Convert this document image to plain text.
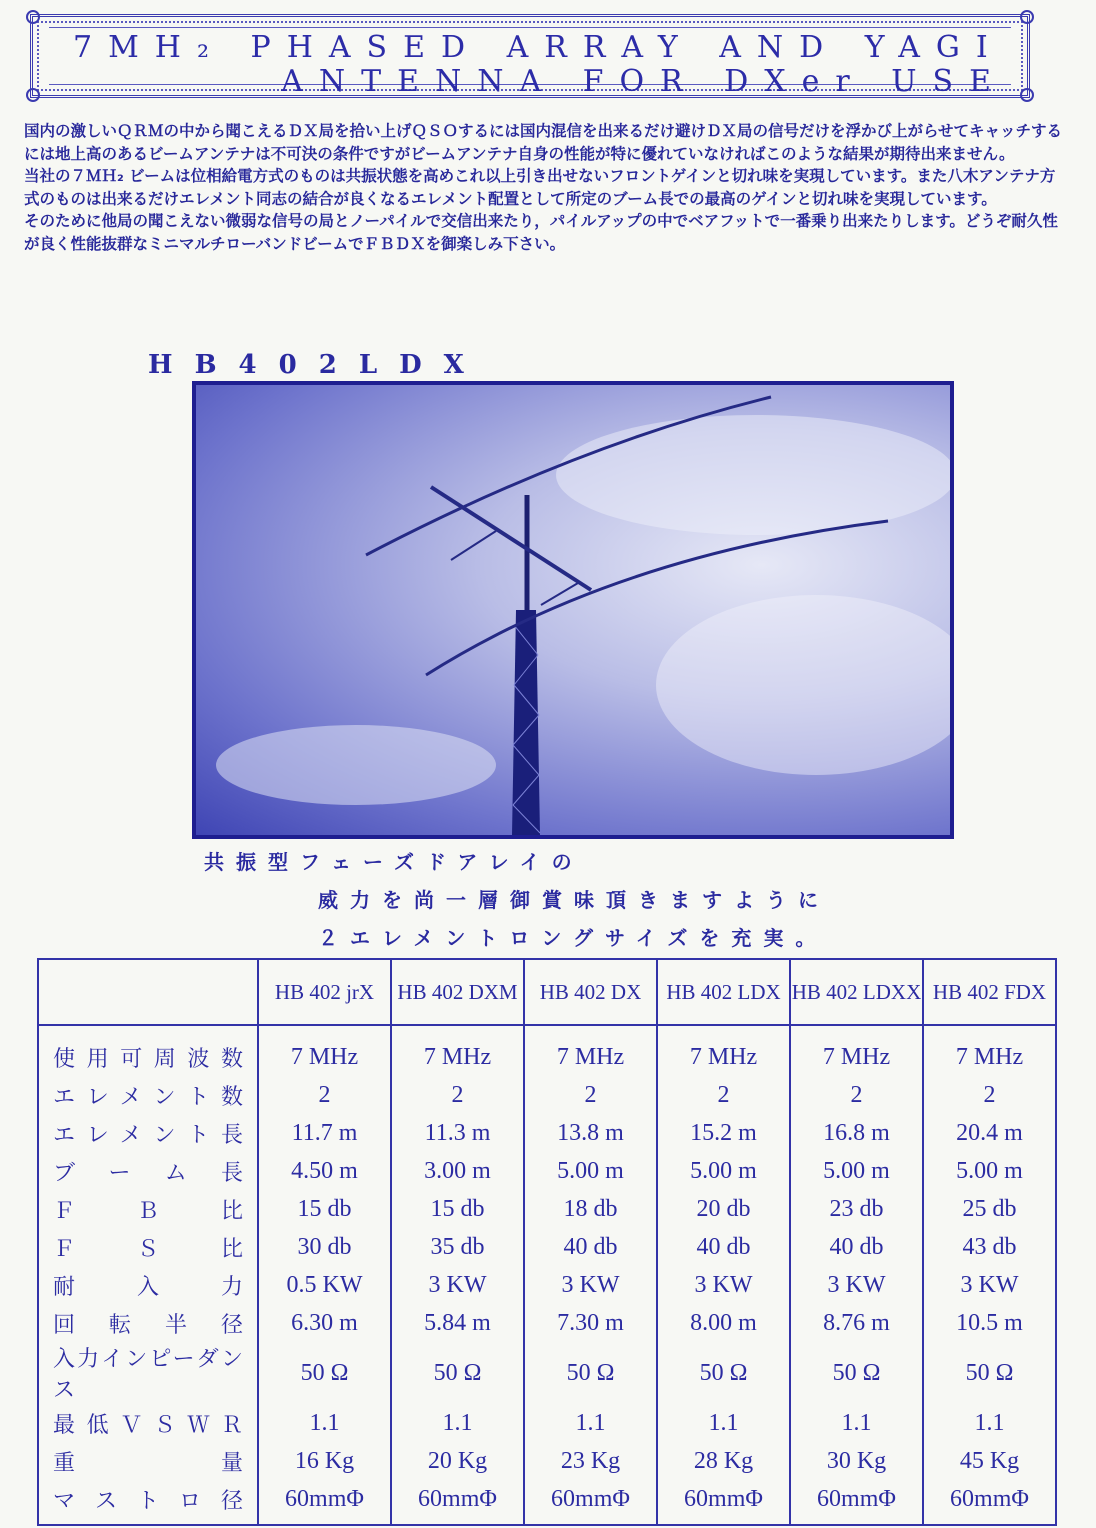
7MH₂ PHASED ARRAY AND YAGI
ANTENNA FOR DXer USE

国内の激しいＱＲＭの中から聞こえるＤＸ局を拾い上げＱＳＯするには国内混信を出来るだけ避けＤＸ局の信号だけを浮かび上がらせてキャッチするには地上高のあるビームアンテナは不可決の条件ですがビームアンテナ自身の性能が特に優れていなければこのような結果が期待出来ません。

当社の７ＭＨ₂ ビームは位相給電方式のものは共振状態を高めこれ以上引き出せないフロントゲインと切れ味を実現しています。また八木アンテナ方式のものは出来るだけエレメント同志の結合が良くなるエレメント配置として所定のブーム長での最高のゲインと切れ味を実現しています。

そのために他局の聞こえない微弱な信号の局とノーパイルで交信出来たり，パイルアップの中でベアフットで一番乗り出来たりします。どうぞ耐久性が良く性能抜群なミニマルチローバンドビームでＦＢＤＸを御楽しみ下さい。

HB402LDX
共振型フェーズドアレイの
威力を尚一層御賞味頂きますように
２エレメントロングサイズを充実。
	HB 402 jrX	HB 402 DXM	HB 402 DX	HB 402 LDX	HB 402 LDXX	HB 402 FDX
使用可周波数	7 MHz	7 MHz	7 MHz	7 MHz	7 MHz	7 MHz
エレメント数	2	2	2	2	2	2
エレメント長	11.7 m	11.3 m	13.8 m	15.2 m	16.8 m	20.4 m
ブーム長	4.50 m	3.00 m	5.00 m	5.00 m	5.00 m	5.00 m
ＦＢ比	15 db	15 db	18 db	20 db	23 db	25 db
ＦＳ比	30 db	35 db	40 db	40 db	40 db	43 db
耐入力	0.5 KW	3 KW	3 KW	3 KW	3 KW	3 KW
回転半径	6.30 m	5.84 m	7.30 m	8.00 m	8.76 m	10.5 m
入力インピーダンス	50 Ω	50 Ω	50 Ω	50 Ω	50 Ω	50 Ω
最低ＶＳＷＲ	1.1	1.1	1.1	1.1	1.1	1.1
重量	16 Kg	20 Kg	23 Kg	28 Kg	30 Kg	45 Kg
マストロ径	60mmΦ	60mmΦ	60mmΦ	60mmΦ	60mmΦ	60mmΦ
